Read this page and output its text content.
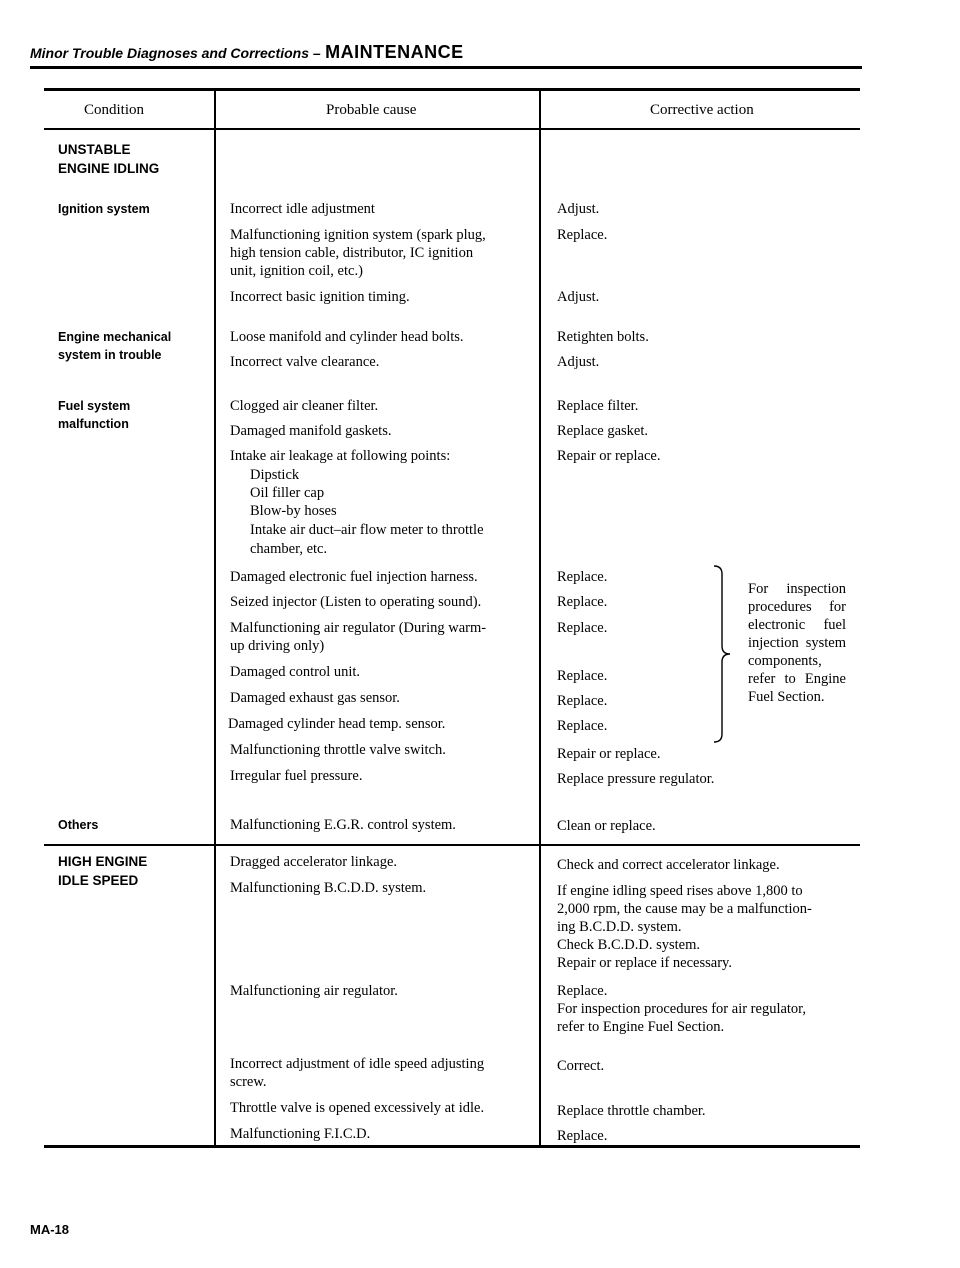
Minor Trouble Diagnoses and Corrections – MAINTENANCE
Condition	Probable cause	Corrective action
UNSTABLE
ENGINE IDLING
Ignition system
Engine mechanical
system in trouble
Fuel system
malfunction
Others
HIGH ENGINE
IDLE SPEED
Incorrect idle adjustment
Malfunctioning ignition system (spark plug,
high tension cable, distributor, IC ignition
unit, ignition coil, etc.)
Incorrect basic ignition timing.
Loose manifold and cylinder head bolts.
Incorrect valve clearance.
Clogged air cleaner filter.
Damaged manifold gaskets.
Intake air leakage at following points:
Dipstick
Oil filler cap
Blow-by hoses
Intake air duct–air flow meter to throttle
chamber, etc.
Damaged electronic fuel injection harness.
Seized injector (Listen to operating sound).
Malfunctioning air regulator (During warm-
up driving only)
Damaged control unit.
Damaged exhaust gas sensor.
Damaged cylinder head temp. sensor.
Malfunctioning throttle valve switch.
Irregular fuel pressure.
Malfunctioning E.G.R. control system.
Dragged accelerator linkage.
Malfunctioning B.C.D.D. system.
Malfunctioning air regulator.
Incorrect adjustment of idle speed adjusting
screw.
Throttle valve is opened excessively at idle.
Malfunctioning F.I.C.D.
Adjust.
Replace.
Adjust.
Retighten bolts.
Adjust.
Replace filter.
Replace gasket.
Repair or replace.
Replace.
Replace.
Replace.
Replace.
Replace.
Replace.
Repair or replace.
Replace pressure regulator.
Clean or replace.
Check and correct accelerator linkage.
If engine idling speed rises above 1,800 to
2,000 rpm, the cause may be a malfunction-
ing B.C.D.D. system.
Check B.C.D.D. system.
Repair or replace if necessary.
Replace.
For inspection procedures for air regulator,
refer to Engine Fuel Section.
Correct.
Replace throttle chamber.
Replace.
For inspection procedures for electronic fuel injection system components, refer to Engine Fuel Section.
MA-18
